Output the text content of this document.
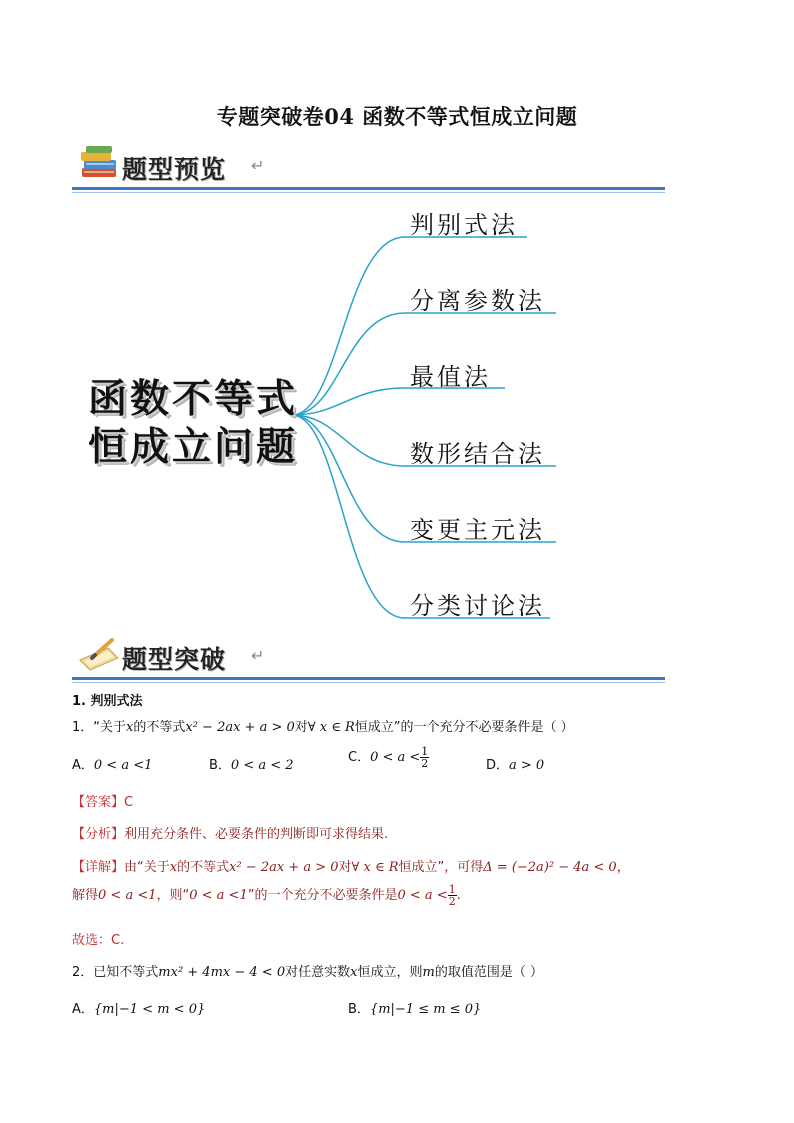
专题突破卷04 函数不等式恒成立问题
题型预览 ↵
函数不等式
恒成立问题
判别式法
分离参数法
最值法
数形结合法
变更主元法
分类讨论法
题型突破 ↵
1. 判别式法
1．“关于x的不等式x² − 2ax + a > 0对∀ x ∈ R恒成立”的一个充分不必要条件是（ ）
A．0 < a <1	B．0 < a < 2
C．$0 < a < \frac{1}{2}$	D．a > 0
【答案】C
【分析】利用充分条件、必要条件的判断即可求得结果.
【详解】由“关于x的不等式x² − 2ax + a > 0对∀ x ∈ R恒成立”，可得Δ = (−2a)² − 4a < 0，
解得0 < a <1，则“0 < a <1”的一个充分不必要条件是$0 < a < \frac{1}{2}$ .
故选：C.
2．已知不等式mx² + 4mx − 4 < 0对任意实数x恒成立，则m的取值范围是（ ）
A．{m|−1 < m < 0}	B．{m|−1 ≤ m ≤ 0}
